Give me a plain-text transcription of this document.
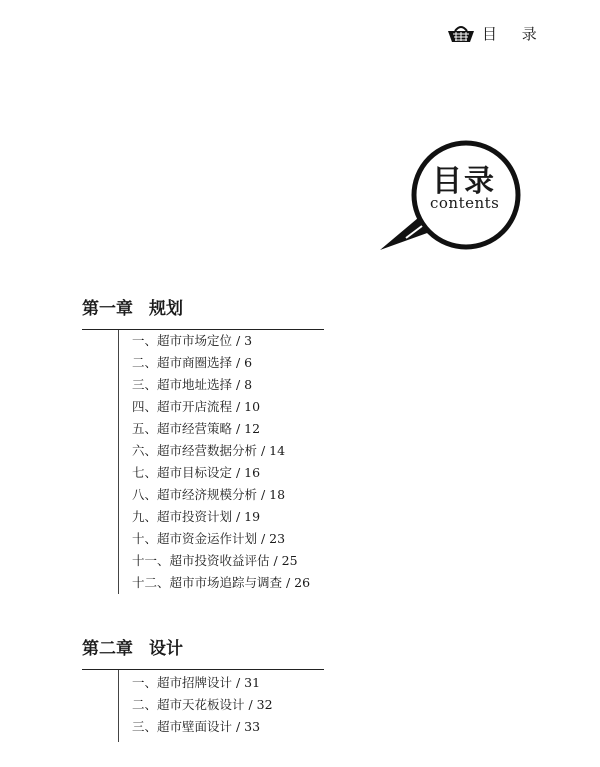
目 录
目录
contents
第一章 规划
一、超市市场定位 / 3
二、超市商圈选择 / 6
三、超市地址选择 / 8
四、超市开店流程 / 10
五、超市经营策略 / 12
六、超市经营数据分析 / 14
七、超市目标设定 / 16
八、超市经济规模分析 / 18
九、超市投资计划 / 19
十、超市资金运作计划 / 23
十一、超市投资收益评估 / 25
十二、超市市场追踪与调查 / 26
第二章 设计
一、超市招牌设计 / 31
二、超市天花板设计 / 32
三、超市壁面设计 / 33
